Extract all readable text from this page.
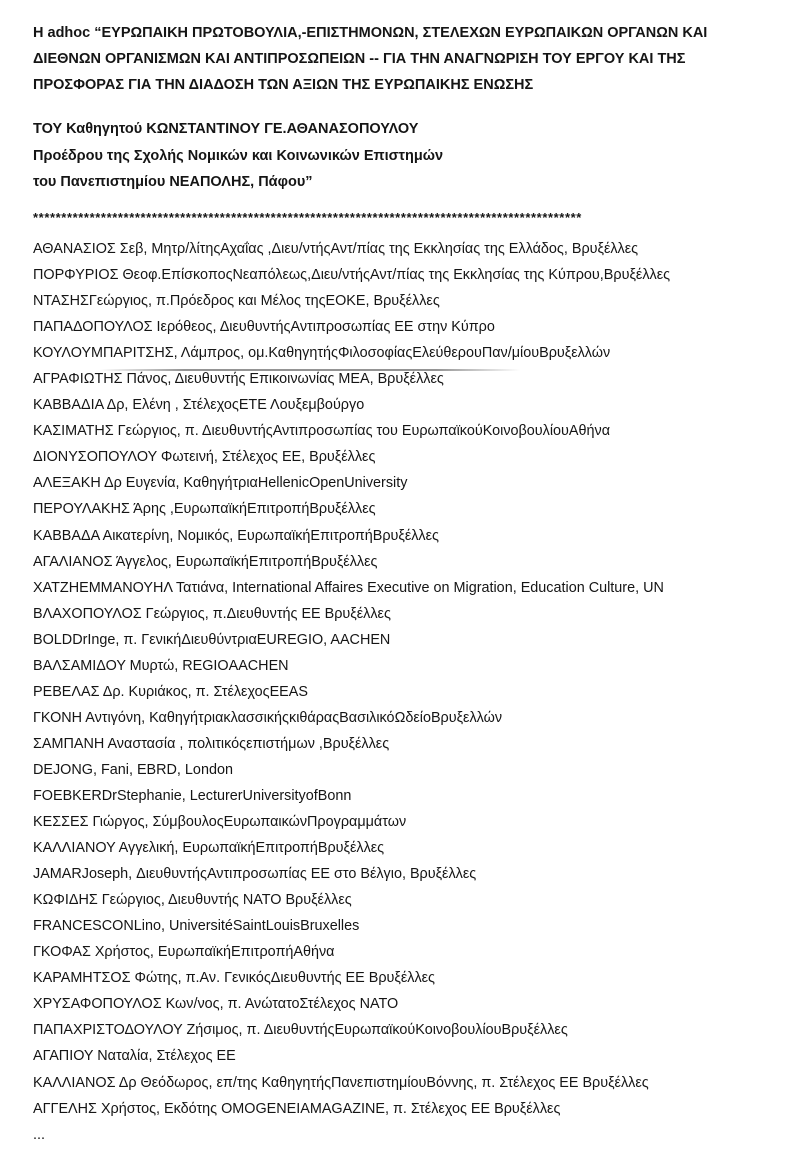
Η adhoc “ΕΥΡΩΠΑΙΚΗ ΠΡΩΤΟΒΟΥΛΙΑ,-ΕΠΙΣΤΗΜΟΝΩΝ, ΣΤΕΛΕΧΩΝ ΕΥΡΩΠΑΙΚΩΝ ΟΡΓΑΝΩΝ ΚΑΙ
ΔΙΕΘΝΩΝ ΟΡΓΑΝΙΣΜΩΝ ΚΑΙ ΑΝΤΙΠΡΟΣΩΠΕΙΩΝ -- ΓΙΑ ΤΗΝ ΑΝΑΓΝΩΡΙΣΗ ΤΟΥ ΕΡΓΟΥ ΚΑΙ ΤΗΣ
ΠΡΟΣΦΟΡΑΣ ΓΙΑ ΤΗΝ ΔΙΑΔΟΣΗ ΤΩΝ ΑΞΙΩΝ ΤΗΣ ΕΥΡΩΠΑΙΚΗΣ ΕΝΩΣΗΣ
ΤΟΥ Καθηγητού ΚΩΝΣΤΑΝΤΙΝΟΥ ΓΕ.ΑΘΑΝΑΣΟΠΟΥΛΟΥ
Προέδρου της Σχολής Νομικών και Κοινωνικών Επιστημών
του Πανεπιστημίου ΝΕΑΠΟΛΗΣ, Πάφου”
*************************************************************************************************
ΑΘΑΝΑΣΙΟΣ Σεβ, Μητρ/λίτηςΑχαΐας ,Διευ/ντήςΑντ/πίας της Εκκλησίας της Ελλάδος, Βρυξέλλες
ΠΟΡΦΥΡΙΟΣ Θεοφ.ΕπίσκοποςΝεαπόλεως,Διευ/ντήςΑντ/πίας της Εκκλησίας της Κύπρου,Βρυξέλλες
ΝΤΑΣΗΣΓεώργιος, π.Πρόεδρος και Μέλος τηςΕΟΚΕ, Βρυξέλλες
ΠΑΠΑΔΟΠΟΥΛΟΣ Ιερόθεος, ΔιευθυντήςΑντιπροσωπίας ΕΕ στην Κύπρο
ΚΟΥΛΟΥΜΠΑΡΙΤΣΗΣ, Λάμπρος, ομ.ΚαθηγητήςΦιλοσοφίαςΕλεύθερουΠαν/μίουΒρυξελλών
ΑΓΡΑΦΙΩΤΗΣ Πάνος, Διευθυντής Επικοινωνίας ΜΕΑ, Βρυξέλλες
ΚΑΒΒΑΔΙΑ Δρ, Ελένη , ΣτέλεχοςΕΤΕ Λουξεμβούργο
ΚΑΣΙΜΑΤΗΣ Γεώργιος, π. ΔιευθυντήςΑντιπροσωπίας του ΕυρωπαϊκούΚοινοβουλίουΑθήνα
ΔΙΟΝΥΣΟΠΟΥΛΟΥ Φωτεινή, Στέλεχος ΕΕ, Βρυξέλλες
ΑΛΕΞΑΚΗ Δρ Ευγενία, ΚαθηγήτριαHellenicOpenUniversity
ΠΕΡΟΥΛΑΚΗΣ Άρης ,ΕυρωπαϊκήΕπιτροπήΒρυξέλλες
ΚΑΒΒΑΔΑ Αικατερίνη, Νομικός, ΕυρωπαϊκήΕπιτροπήΒρυξέλλες
ΑΓΑΛΙΑΝΟΣ Άγγελος, ΕυρωπαϊκήΕπιτροπήΒρυξέλλες
ΧΑΤΖΗΕΜΜΑΝΟΥΗΛ Τατιάνα, International Affaires Executive on Migration, Education Culture, UN
ΒΛΑΧΟΠΟΥΛΟΣ Γεώργιος, π.Διευθυντής ΕΕ Βρυξέλλες
BOLDDrInge, π. ΓενικήΔιευθύντριαEUREGIO, AACHEN
ΒΑΛΣΑΜΙΔΟΥ Μυρτώ, REGIOAACHEN
ΡΕΒΕΛΑΣ Δρ. Κυριάκος, π. ΣτέλεχοςEEAS
ΓΚΟΝΗ Αντιγόνη, ΚαθηγήτριακλασσικήςκιθάραςΒασιλικόΩδείοΒρυξελλών
ΣΑΜΠΑΝΗ Αναστασία , πολιτικόςεπιστήμων ,Βρυξέλλες
DEJONG, Fani, EBRD, London
FOEBKERDrStephanie, LecturerUniversityofBonn
ΚΕΣΣΕΣ Γιώργος, ΣύμβουλοςΕυρωπαικώνΠρογραμμάτων
ΚΑΛΛΙΑΝΟΥ Αγγελική, ΕυρωπαϊκήΕπιτροπήΒρυξέλλες
JAMARJoseph, ΔιευθυντήςΑντιπροσωπίας ΕΕ στο Βέλγιο, Βρυξέλλες
ΚΩΦΙΔΗΣ Γεώργιος, Διευθυντής ΝΑΤΟ Βρυξέλλες
FRANCESCONLino, UniversitéSaintLouisBruxelles
ΓΚΟΦΑΣ Χρήστος, ΕυρωπαϊκήΕπιτροπήΑθήνα
ΚΑΡΑΜΗΤΣΟΣ Φώτης, π.Αν. ΓενικόςΔιευθυντής ΕΕ Βρυξέλλες
ΧΡΥΣΑΦΟΠΟΥΛΟΣ Κων/νος, π. ΑνώτατοΣτέλεχος ΝΑΤΟ
ΠΑΠΑΧΡΙΣΤΟΔΟΥΛΟΥ Ζήσιμος, π. ΔιευθυντήςΕυρωπαϊκούΚοινοβουλίουΒρυξέλλες
ΑΓΑΠΙΟΥ Ναταλία, Στέλεχος ΕΕ
ΚΑΛΛΙΑΝΟΣ Δρ Θεόδωρος, επ/της ΚαθηγητήςΠανεπιστημίουΒόννης, π. Στέλεχος ΕΕ Βρυξέλλες
ΑΓΓΕΛΗΣ Χρήστος, Εκδότης OMOGENEIAMAGAZINE, π. Στέλεχος ΕΕ Βρυξέλλες
...
